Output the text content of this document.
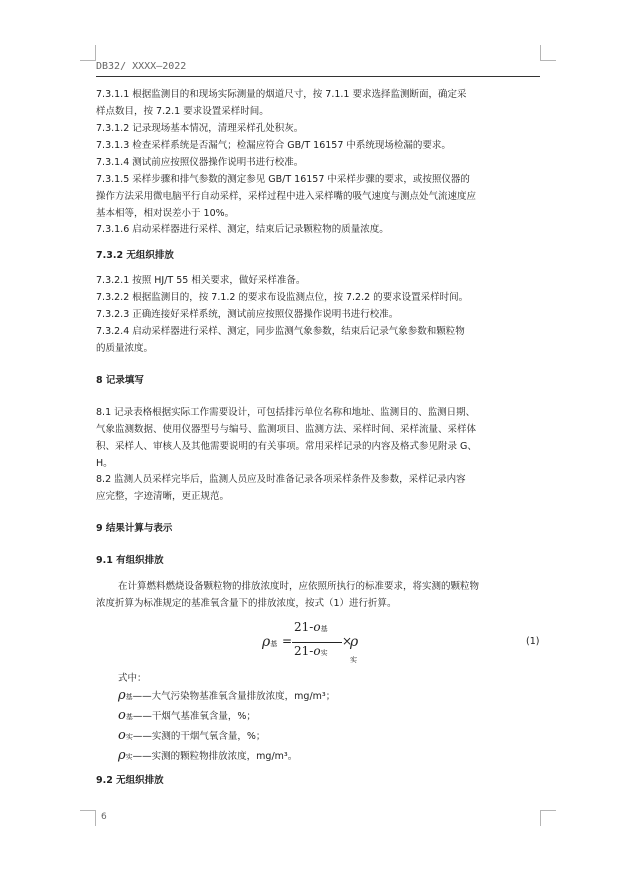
DB32/ XXXX—2022
7.3.1.1 根据监测目的和现场实际测量的烟道尺寸，按 7.1.1 要求选择监测断面，确定采
样点数目，按 7.2.1 要求设置采样时间。
7.3.1.2 记录现场基本情况，清理采样孔处积灰。
7.3.1.3 检查采样系统是否漏气；检漏应符合 GB/T 16157 中系统现场检漏的要求。
7.3.1.4 测试前应按照仪器操作说明书进行校准。
7.3.1.5 采样步骤和排气参数的测定参见 GB/T 16157 中采样步骤的要求，或按照仪器的
操作方法采用微电脑平行自动采样，采样过程中进入采样嘴的吸气速度与测点处气流速度应
基本相等，相对误差小于 10%。
7.3.1.6 启动采样器进行采样、测定，结束后记录颗粒物的质量浓度。
7.3.2 无组织排放
7.3.2.1 按照 HJ/T 55 相关要求，做好采样准备。
7.3.2.2 根据监测目的，按 7.1.2 的要求布设监测点位，按 7.2.2 的要求设置采样时间。
7.3.2.3 正确连接好采样系统，测试前应按照仪器操作说明书进行校准。
7.3.2.4 启动采样器进行采样、测定，同步监测气象参数，结束后记录气象参数和颗粒物
的质量浓度。
8 记录填写
8.1 记录表格根据实际工作需要设计，可包括排污单位名称和地址、监测目的、监测日期、
气象监测数据、使用仪器型号与编号、监测项目、监测方法、采样时间、采样流量、采样体
积、采样人、审核人及其他需要说明的有关事项。常用采样记录的内容及格式参见附录 G、
H。
8.2 监测人员采样完毕后，监测人员应及时准备记录各项采样条件及参数，采样记录内容
应完整，字迹清晰，更正规范。
9 结果计算与表示
9.1 有组织排放
在计算燃料燃烧设备颗粒物的排放浓度时，应依照所执行的标准要求，将实测的颗粒物
浓度折算为标准规定的基准氧含量下的排放浓度，按式（1）进行折算。
ρ基 =
21-o基
21-o实
×
ρ实
(1)
式中：
ρ基——大气污染物基准氧含量排放浓度，mg/m³；
o基——干烟气基准氧含量，%；
o实——实测的干烟气氧含量，%；
ρ实——实测的颗粒物排放浓度，mg/m³。
9.2 无组织排放
6
